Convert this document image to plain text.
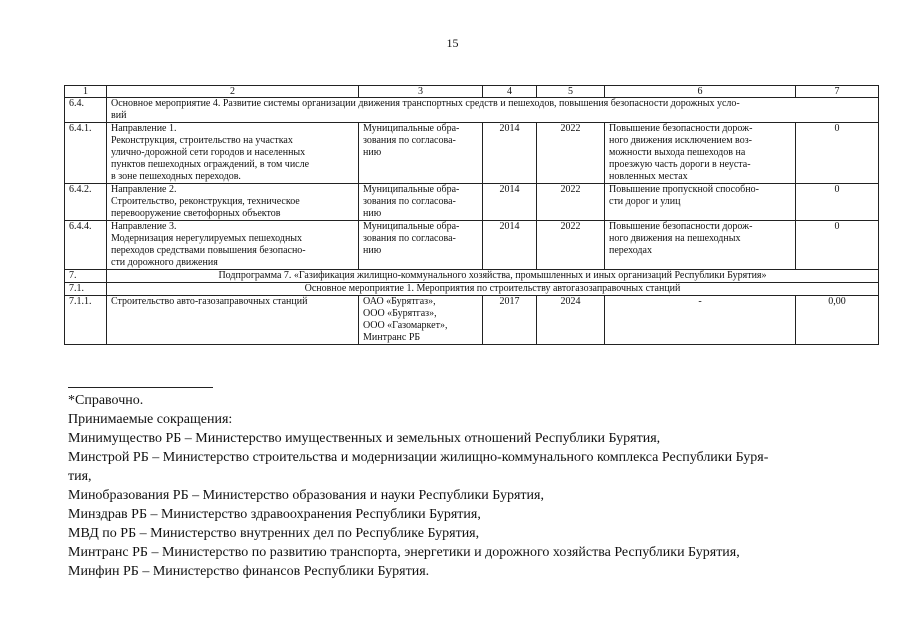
15
1	2	3	4	5	6	7
6.4.	Основное мероприятие 4. Развитие системы организации движения транспортных средств и пешеходов, повышения безопасности дорожных усло-
вий					
6.4.1.	Направление 1.
Реконструкция, строительство на участках
улично-дорожной сети городов и населенных
пунктов пешеходных ограждений, в том числе
в зоне пешеходных переходов.	Муниципальные обра-
зования по согласова-
нию	2014	2022	Повышение безопасности дорож-
ного движения исключением воз-
можности выхода пешеходов на
проезжую часть дороги в неуста-
новленных местах	0
6.4.2.	Направление 2.
Строительство, реконструкция, техническое
перевооружение светофорных объектов	Муниципальные обра-
зования по согласова-
нию	2014	2022	Повышение пропускной способно-
сти дорог и улиц	0
6.4.4.	Направление 3.
Модернизация нерегулируемых пешеходных
переходов средствами повышения безопасно-
сти дорожного движения	Муниципальные обра-
зования по согласова-
нию	2014	2022	Повышение безопасности дорож-
ного движения на пешеходных
переходах	0
7.	Подпрограмма 7. «Газификация жилищно-коммунального хозяйства, промышленных и иных организаций Республики Бурятия»					
7.1.	Основное мероприятие 1. Мероприятия по строительству автогазозаправочных станций					
7.1.1.	Строительство авто-газозаправочных станций	ОАО «Бурятгаз»,
ООО «Бурятгаз»,
ООО «Газомаркет»,
Минтранс РБ	2017	2024	-	0,00
*Справочно.
Принимаемые сокращения:
Минимущество РБ – Министерство имущественных и земельных отношений Республики Бурятия,
Минстрой РБ – Министерство строительства и модернизации жилищно-коммунального комплекса Республики Буря-
тия,
Минобразования РБ – Министерство образования и науки Республики Бурятия,
Минздрав РБ – Министерство здравоохранения Республики Бурятия,
МВД по РБ – Министерство внутренних дел по Республике Бурятия,
Минтранс РБ – Министерство по развитию транспорта, энергетики и дорожного хозяйства Республики Бурятия,
Минфин РБ – Министерство финансов Республики Бурятия.
